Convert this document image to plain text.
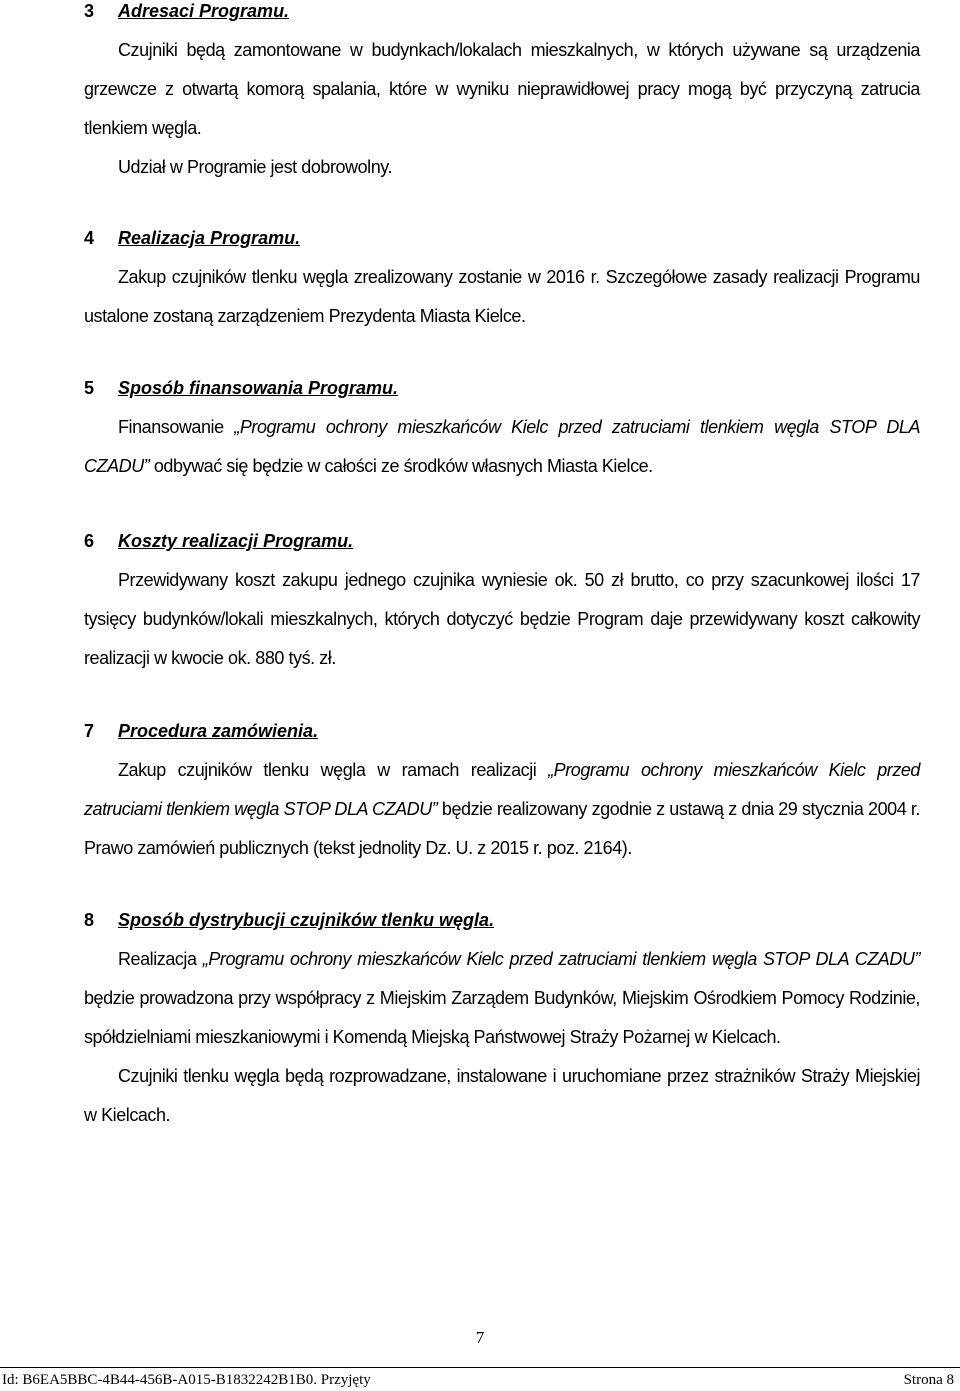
3 Adresaci Programu.

Czujniki będą zamontowane w budynkach/lokalach mieszkalnych, w których używane są urządzenia grzewcze z otwartą komorą spalania, które w wyniku nieprawidłowej pracy mogą być przyczyną zatrucia tlenkiem węgla.

Udział w Programie jest dobrowolny.

4 Realizacja Programu.

Zakup czujników tlenku węgla zrealizowany zostanie w 2016 r. Szczegółowe zasady realizacji Programu ustalone zostaną zarządzeniem Prezydenta Miasta Kielce.

5 Sposób finansowania Programu.

Finansowanie „Programu ochrony mieszkańców Kielc przed zatruciami tlenkiem węgla STOP DLA CZADU” odbywać się będzie w całości ze środków własnych Miasta Kielce.

6 Koszty realizacji Programu.

Przewidywany koszt zakupu jednego czujnika wyniesie ok. 50 zł brutto, co przy szacunkowej ilości 17 tysięcy budynków/lokali mieszkalnych, których dotyczyć będzie Program daje przewidywany koszt całkowity realizacji w kwocie ok. 880 tyś. zł.

7 Procedura zamówienia.

Zakup czujników tlenku węgla w ramach realizacji „Programu ochrony mieszkańców Kielc przed zatruciami tlenkiem węgla STOP DLA CZADU” będzie realizowany zgodnie z ustawą z dnia 29 stycznia 2004 r. Prawo zamówień publicznych (tekst jednolity Dz. U. z 2015 r. poz. 2164).

8 Sposób dystrybucji czujników tlenku węgla.

Realizacja „Programu ochrony mieszkańców Kielc przed zatruciami tlenkiem węgla STOP DLA CZADU” będzie prowadzona przy współpracy z Miejskim Zarządem Budynków, Miejskim Ośrodkiem Pomocy Rodzinie, spółdzielniami mieszkaniowymi i Komendą Miejską Państwowej Straży Pożarnej w Kielcach.

Czujniki tlenku węgla będą rozprowadzane, instalowane i uruchomiane przez strażników Straży Miejskiej w Kielcach.

7
Id: B6EA5BBC-4B44-456B-A015-B1832242B1B0. Przyjęty	Strona 8
